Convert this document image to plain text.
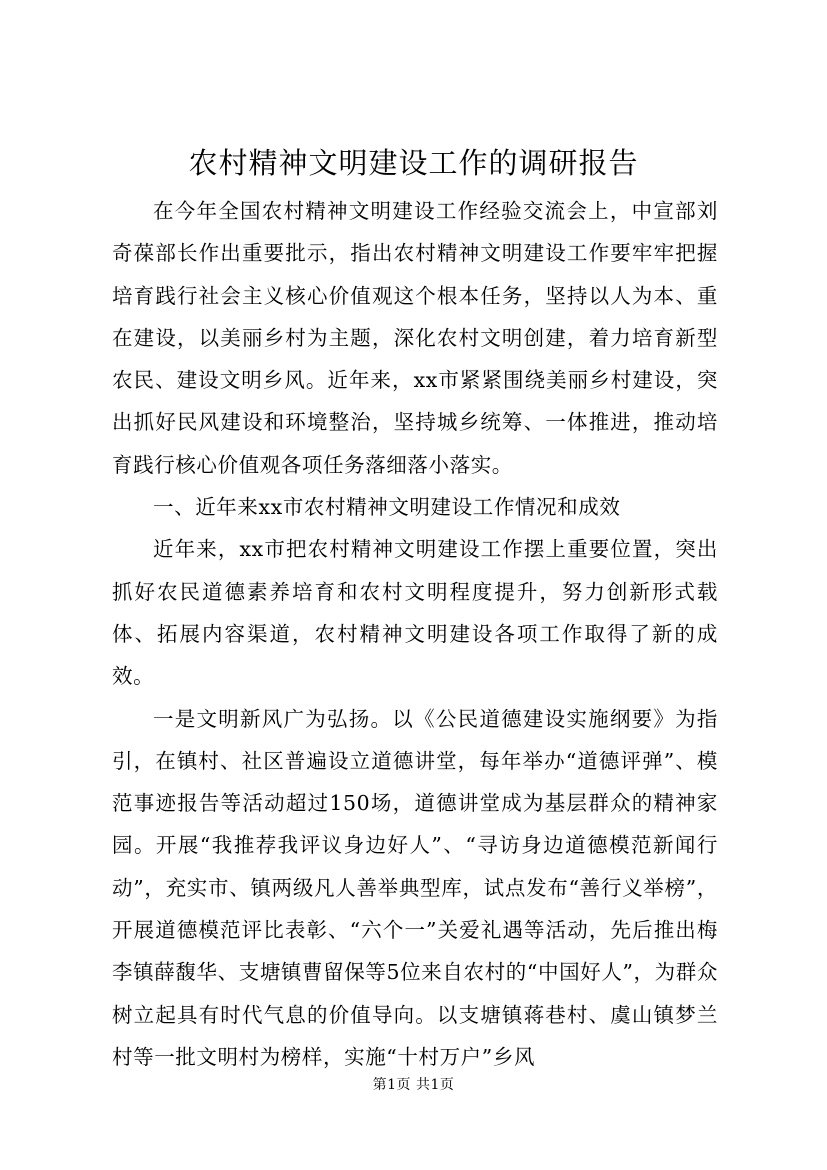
农村精神文明建设工作的调研报告

在今年全国农村精神文明建设工作经验交流会上，中宣部刘奇葆部长作出重要批示，指出农村精神文明建设工作要牢牢把握培育践行社会主义核心价值观这个根本任务，坚持以人为本、重在建设，以美丽乡村为主题，深化农村文明创建，着力培育新型农民、建设文明乡风。近年来，xx市紧紧围绕美丽乡村建设，突出抓好民风建设和环境整治，坚持城乡统筹、一体推进，推动培育践行核心价值观各项任务落细落小落实。

一、近年来xx市农村精神文明建设工作情况和成效

近年来，xx市把农村精神文明建设工作摆上重要位置，突出抓好农民道德素养培育和农村文明程度提升，努力创新形式载体、拓展内容渠道，农村精神文明建设各项工作取得了新的成效。

一是文明新风广为弘扬。以《公民道德建设实施纲要》为指引，在镇村、社区普遍设立道德讲堂，每年举办“道德评弹”、模范事迹报告等活动超过150场，道德讲堂成为基层群众的精神家园。开展“我推荐我评议身边好人”、“寻访身边道德模范新闻行动”，充实市、镇两级凡人善举典型库，试点发布“善行义举榜”，开展道德模范评比表彰、“六个一”关爱礼遇等活动，先后推出梅李镇薛馥华、支塘镇曹留保等5位来自农村的“中国好人”，为群众树立起具有时代气息的价值导向。以支塘镇蒋巷村、虞山镇梦兰村等一批文明村为榜样，实施“十村万户”乡风

第1页 共1页
